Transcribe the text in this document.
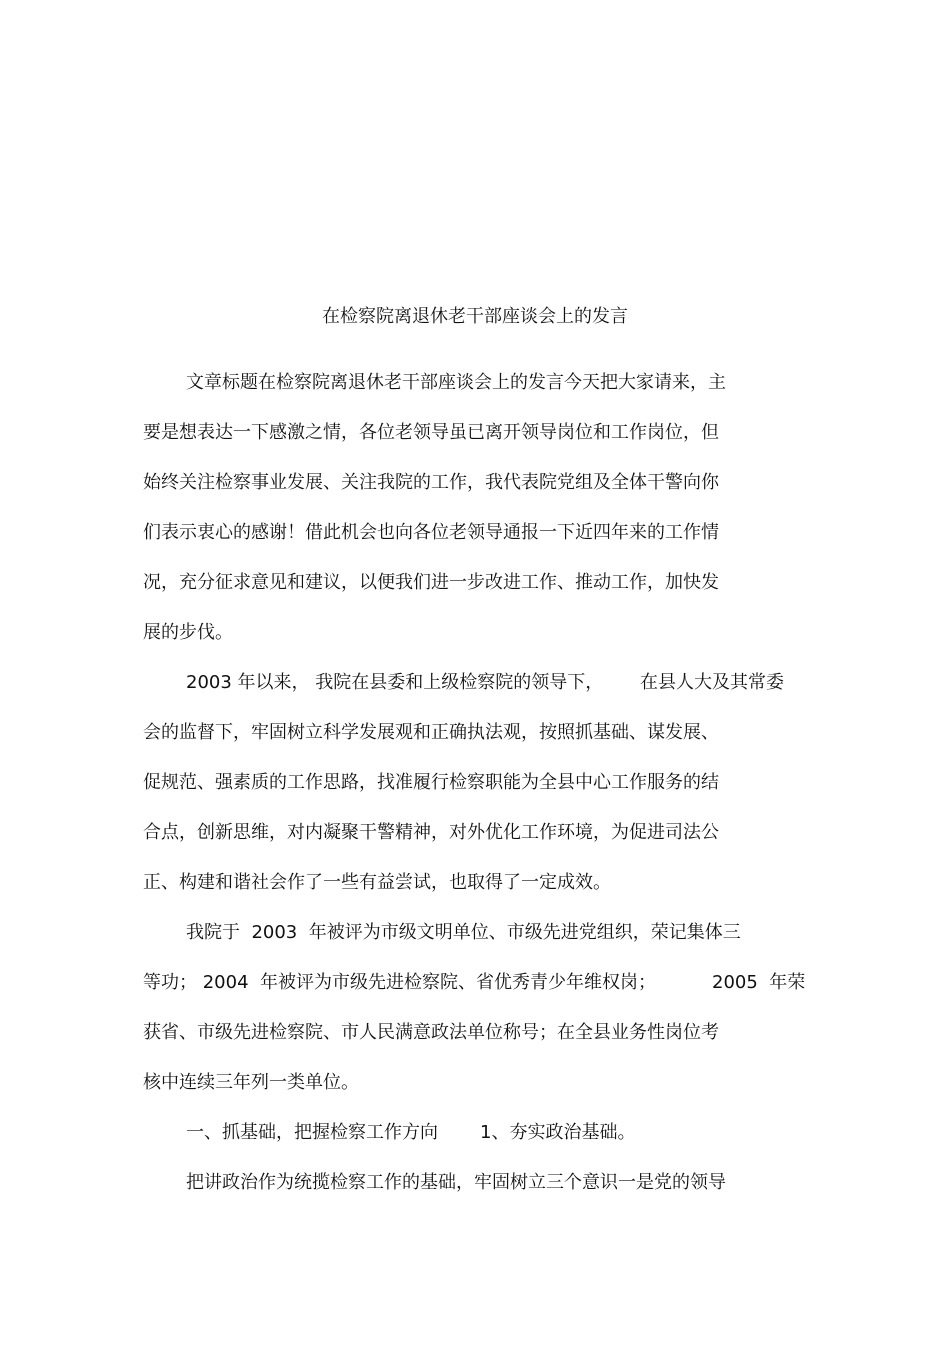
在检察院离退休老干部座谈会上的发言
文章标题在检察院离退休老干部座谈会上的发言今天把大家请来，主
要是想表达一下感激之情，各位老领导虽已离开领导岗位和工作岗位，但
始终关注检察事业发展、关注我院的工作，我代表院党组及全体干警向你
们表示衷心的感谢！借此机会也向各位老领导通报一下近四年来的工作情
况，充分征求意见和建议，以便我们进一步改进工作、推动工作，加快发
展的步伐。
2003 年以来， 我院在县委和上级检察院的领导下， 在县人大及其常委
会的监督下，牢固树立科学发展观和正确执法观，按照抓基础、谋发展、
促规范、强素质的工作思路，找准履行检察职能为全县中心工作服务的结
合点，创新思维，对内凝聚干警精神，对外优化工作环境，为促进司法公
正、构建和谐社会作了一些有益尝试，也取得了一定成效。
我院于  2003  年被评为市级文明单位、市级先进党组织，荣记集体三
等功； 2004  年被评为市级先进检察院、省优秀青少年维权岗；	2005  年荣
获省、市级先进检察院、市人民满意政法单位称号；在全县业务性岗位考
核中连续三年列一类单位。
一、抓基础，把握检察工作方向 1、夯实政治基础。
把讲政治作为统揽检察工作的基础，牢固树立三个意识一是党的领导
